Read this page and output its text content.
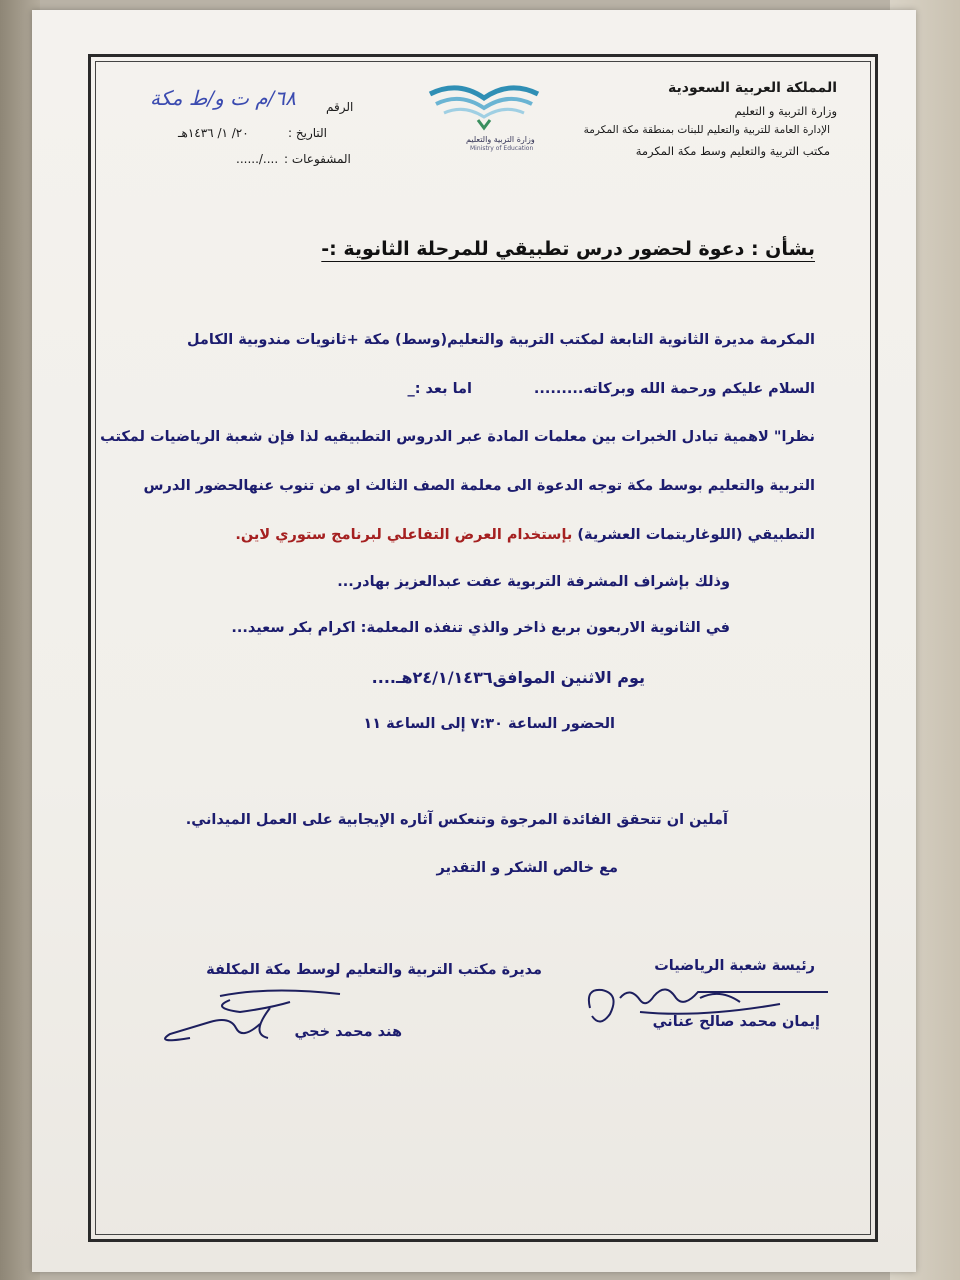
المملكة العربية السعودية
وزارة التربية و التعليم
الإدارة العامة للتربية والتعليم للبنات بمنطقة مكة المكرمة
مكتب التربية والتعليم وسط مكة المكرمة
وزارة التربية والتعليم
Ministry of Education
الرقم
٦٨/م ت و/ط مكة
التاريخ :
٢٠/ ١/ ١٤٣٦هـ
المشفوعات :
..../......
بشأن : دعوة لحضور درس تطبيقي للمرحلة الثانوية :-
المكرمة مديرة الثانوية التابعة لمكتب التربية والتعليم(وسط) مكة +ثانويات مندوبية الكامل
السلام عليكم ورحمة الله وبركاته.........
اما بعد :_
نظرا" لاهمية تبادل الخبرات بين معلمات المادة عبر الدروس التطبيقيه لذا فإن شعبة الرياضيات لمكتب
التربية والتعليم بوسط مكة توجه الدعوة الى معلمة الصف الثالث او من تنوب عنهالحضور الدرس
التطبيقي (اللوغاريتمات العشرية) بإستخدام العرض التفاعلي لبرنامج ستوري لاين.
وذلك بإشراف المشرفة التربوية عفت عبدالعزيز بهادر...
في الثانوية الاربعون بربع ذاخر والذي تنفذه المعلمة: اكرام بكر سعيد...
يوم الاثنين الموافق٢٤/١/١٤٣٦هـ....
الحضور الساعة ٧:٣٠ إلى الساعة ١١
آملين ان تتحقق الفائدة المرجوة وتنعكس آثاره الإيجابية على العمل الميداني.
مع خالص الشكر و التقدير
رئيسة شعبة الرياضيات
إيمان محمد صالح عناني
مديرة مكتب التربية والتعليم لوسط مكة المكلفة
هند محمد خجي
